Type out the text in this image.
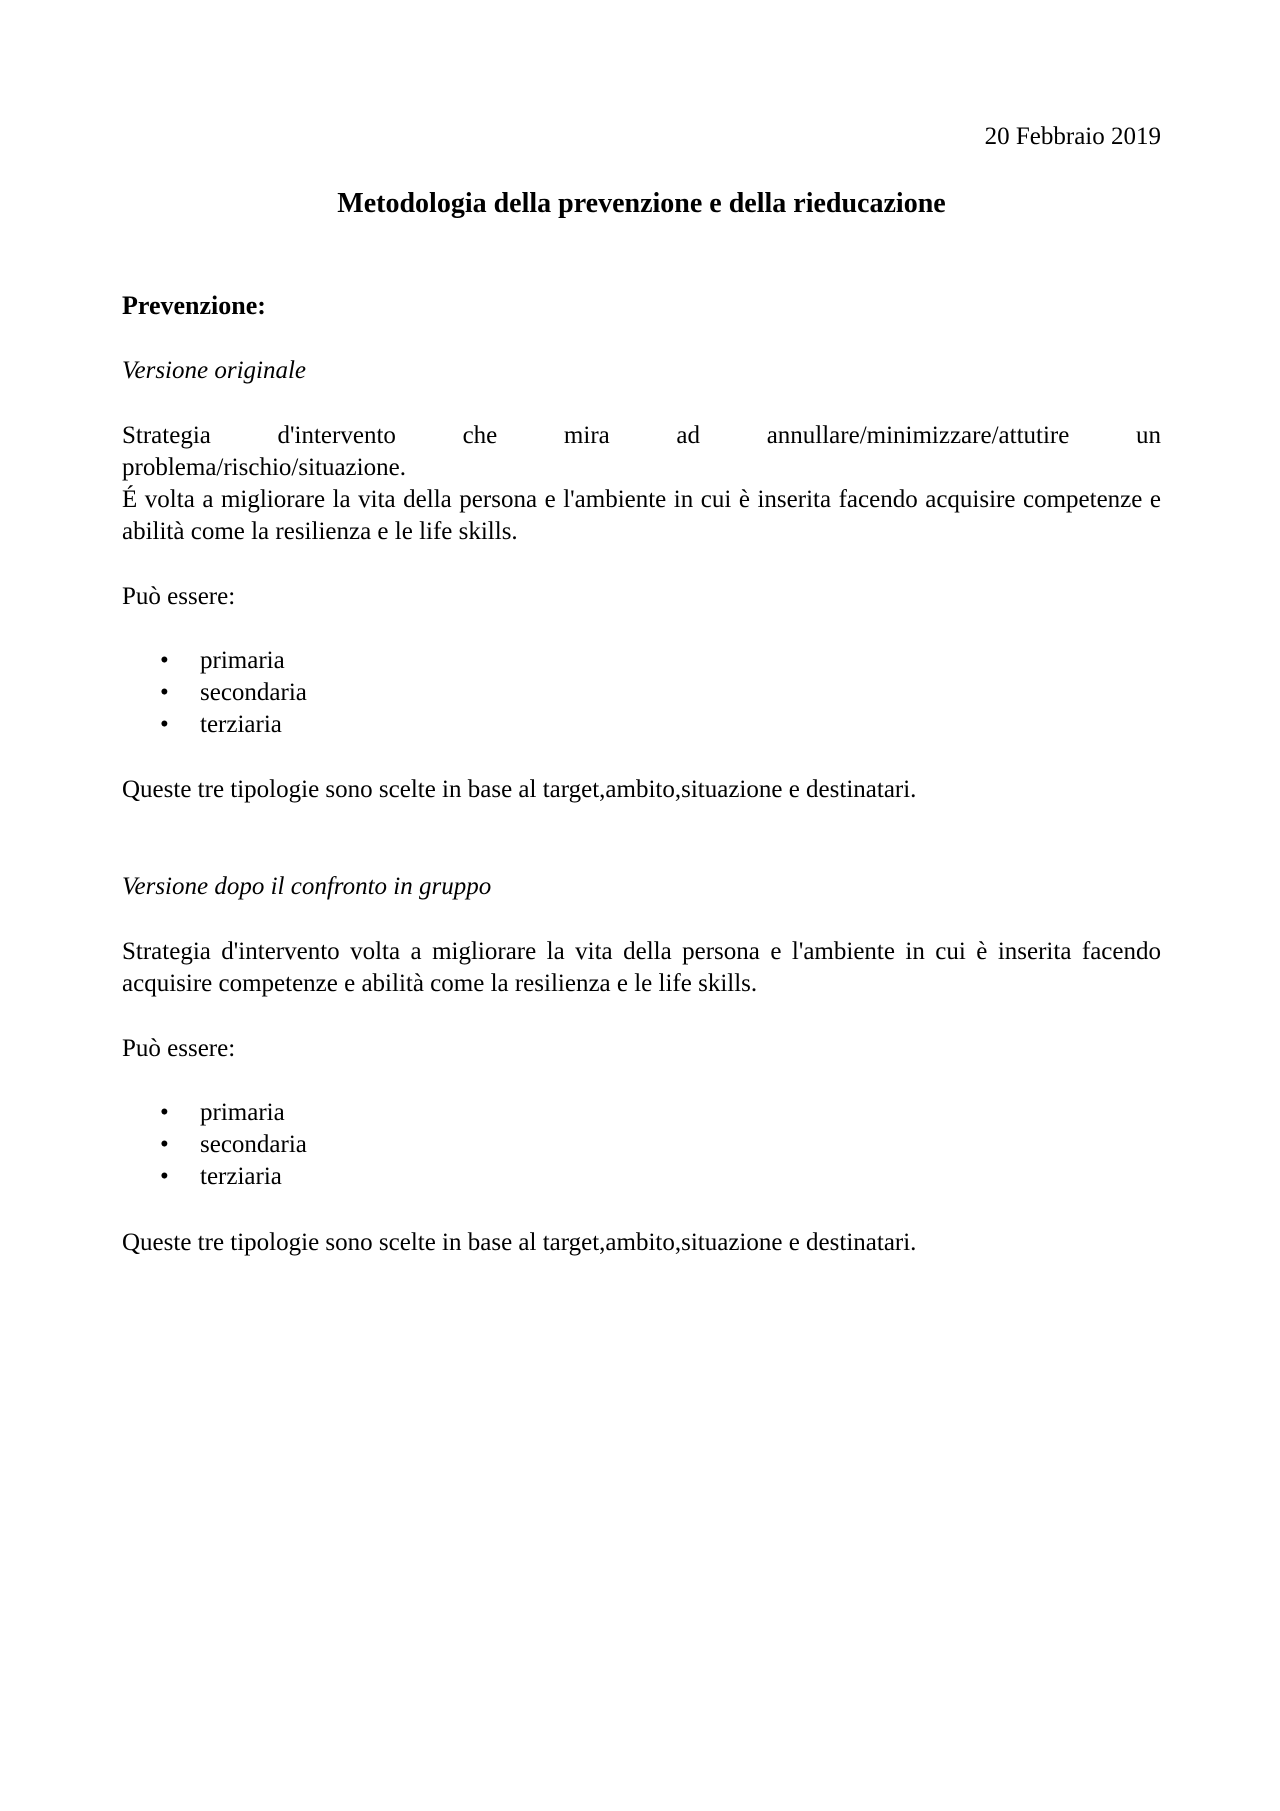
20 Febbraio 2019
Metodologia della prevenzione e della rieducazione
Prevenzione:
Versione originale
Strategia d'intervento che mira ad annullare/minimizzare/attutire un
problema/rischio/situazione.
É volta a migliorare la vita della persona e l'ambiente in cui è inserita facendo acquisire competenze e abilità come la resilienza e le life skills.
Può essere:
• primaria
• secondaria
• terziaria
Queste tre tipologie sono scelte in base al target,ambito,situazione e destinatari.
Versione dopo il confronto in gruppo
Strategia d'intervento volta a migliorare la vita della persona e l'ambiente in cui è inserita facendo acquisire competenze e abilità come la resilienza e le life skills.
Può essere:
• primaria
• secondaria
• terziaria
Queste tre tipologie sono scelte in base al target,ambito,situazione e destinatari.
